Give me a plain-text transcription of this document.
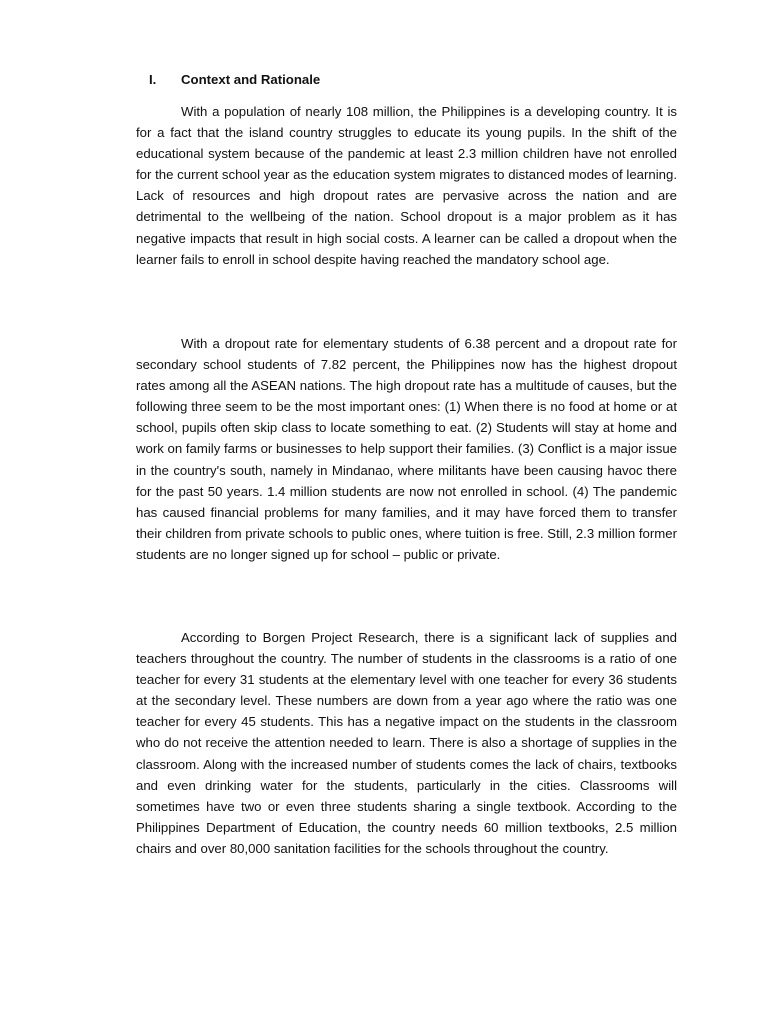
I. Context and Rationale

With a population of nearly 108 million, the Philippines is a developing country. It is for a fact that the island country struggles to educate its young pupils. In the shift of the educational system because of the pandemic at least 2.3 million children have not enrolled for the current school year as the education system migrates to distanced modes of learning. Lack of resources and high dropout rates are pervasive across the nation and are detrimental to the wellbeing of the nation. School dropout is a major problem as it has negative impacts that result in high social costs. A learner can be called a dropout when the learner fails to enroll in school despite having reached the mandatory school age.

With a dropout rate for elementary students of 6.38 percent and a dropout rate for secondary school students of 7.82 percent, the Philippines now has the highest dropout rates among all the ASEAN nations. The high dropout rate has a multitude of causes, but the following three seem to be the most important ones: (1) When there is no food at home or at school, pupils often skip class to locate something to eat. (2) Students will stay at home and work on family farms or businesses to help support their families. (3) Conflict is a major issue in the country's south, namely in Mindanao, where militants have been causing havoc there for the past 50 years. 1.4 million students are now not enrolled in school. (4) The pandemic has caused financial problems for many families, and it may have forced them to transfer their children from private schools to public ones, where tuition is free. Still, 2.3 million former students are no longer signed up for school – public or private.

According to Borgen Project Research, there is a significant lack of supplies and teachers throughout the country. The number of students in the classrooms is a ratio of one teacher for every 31 students at the elementary level with one teacher for every 36 students at the secondary level. These numbers are down from a year ago where the ratio was one teacher for every 45 students. This has a negative impact on the students in the classroom who do not receive the attention needed to learn. There is also a shortage of supplies in the classroom. Along with the increased number of students comes the lack of chairs, textbooks and even drinking water for the students, particularly in the cities. Classrooms will sometimes have two or even three students sharing a single textbook. According to the Philippines Department of Education, the country needs 60 million textbooks, 2.5 million chairs and over 80,000 sanitation facilities for the schools throughout the country.
